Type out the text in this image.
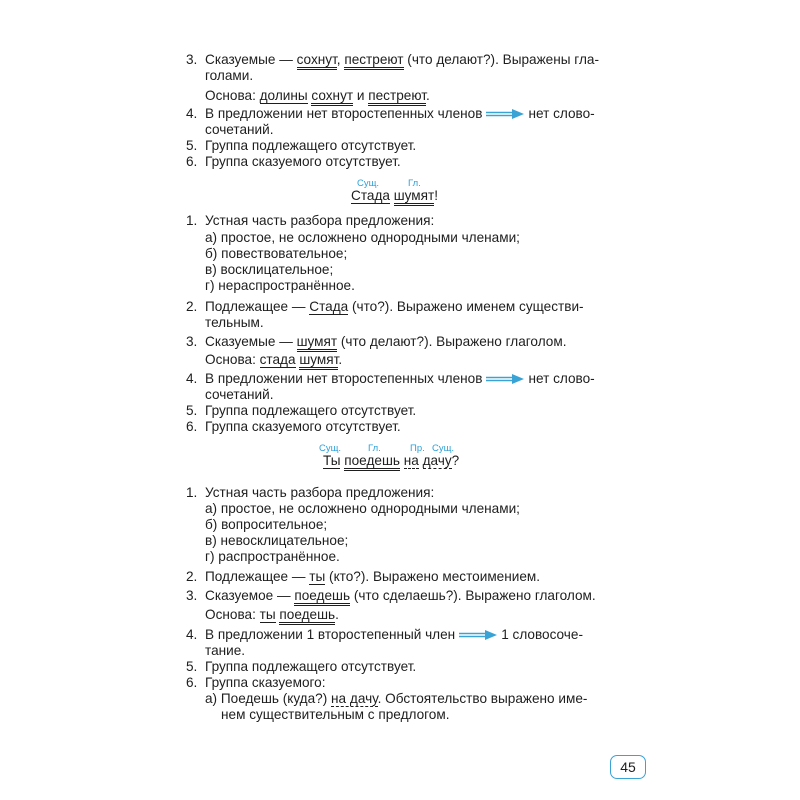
3. Сказуемые — сохнут, пестреют (что делают?). Выражены гла-
голами.
Основа: долины сохнут и пестреют.
4. В предложении нет второстепенных членов	нет слово-
сочетаний.
5. Группа подлежащего отсутствует.
6. Группа сказуемого отсутствует.
Сущ.	Гл.
Стада шумят!
1. Устная часть разбора предложения:
а) простое, не осложнено однородными членами;
б) повествовательное;
в) восклицательное;
г) нераспространённое.
2. Подлежащее — Стада (что?). Выражено именем существи-
тельным.
3. Сказуемые — шумят (что делают?). Выражено глаголом.
Основа: стада шумят.
4. В предложении нет второстепенных членов	нет слово-
сочетаний.
5. Группа подлежащего отсутствует.
6. Группа сказуемого отсутствует.
Сущ.	Гл.	Пр. Сущ.
Ты поедешь на дачу?
1. Устная часть разбора предложения:
а) простое, не осложнено однородными членами;
б) вопросительное;
в) невосклицательное;
г) распространённое.
2. Подлежащее — ты (кто?). Выражено местоимением.
3. Сказуемое — поедешь (что сделаешь?). Выражено глаголом.
Основа: ты поедешь.
4. В предложении 1 второстепенный член	1 словосоче-
тание.
5. Группа подлежащего отсутствует.
6. Группа сказуемого:
а) Поедешь (куда?) на дачу. Обстоятельство выражено име-
нем существительным с предлогом.
45
